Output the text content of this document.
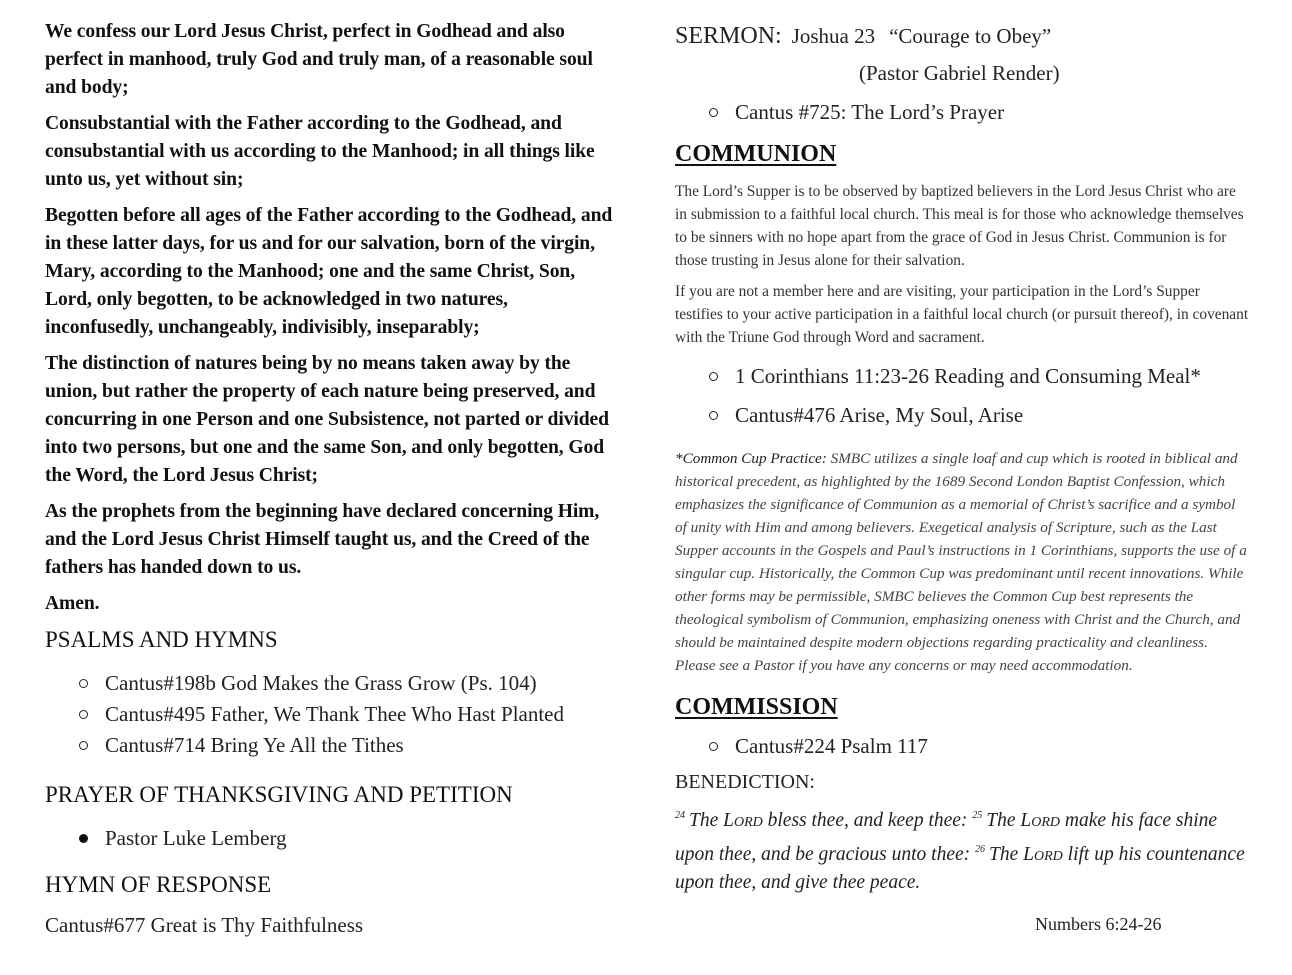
We confess our Lord Jesus Christ, perfect in Godhead and also perfect in manhood, truly God and truly man, of a reasonable soul and body;

Consubstantial with the Father according to the Godhead, and consubstantial with us according to the Manhood; in all things like unto us, yet without sin;

Begotten before all ages of the Father according to the Godhead, and in these latter days, for us and for our salvation, born of the virgin, Mary, according to the Manhood; one and the same Christ, Son, Lord, only begotten, to be acknowledged in two natures, inconfusedly, unchangeably, indivisibly, inseparably;

The distinction of natures being by no means taken away by the union, but rather the property of each nature being preserved, and concurring in one Person and one Subsistence, not parted or divided into two persons, but one and the same Son, and only begotten, God the Word, the Lord Jesus Christ;

As the prophets from the beginning have declared concerning Him, and the Lord Jesus Christ Himself taught us, and the Creed of the fathers has handed down to us.

Amen.

PSALMS AND HYMNS
Cantus#198b God Makes the Grass Grow (Ps. 104)
Cantus#495 Father, We Thank Thee Who Hast Planted
Cantus#714 Bring Ye All the Tithes
PRAYER OF THANKSGIVING AND PETITION
Pastor Luke Lemberg
HYMN OF RESPONSE
Cantus#677 Great is Thy Faithfulness
SERMON: Joshua 23 “Courage to Obey”
(Pastor Gabriel Render)
Cantus #725: The Lord’s Prayer
COMMUNION

The Lord’s Supper is to be observed by baptized believers in the Lord Jesus Christ who are in submission to a faithful local church. This meal is for those who acknowledge themselves to be sinners with no hope apart from the grace of God in Jesus Christ. Communion is for those trusting in Jesus alone for their salvation.

If you are not a member here and are visiting, your participation in the Lord’s Supper testifies to your active participation in a faithful local church (or pursuit thereof), in covenant with the Triune God through Word and sacrament.

1 Corinthians 11:23-26 Reading and Consuming Meal*
Cantus#476 Arise, My Soul, Arise

*Common Cup Practice: SMBC utilizes a single loaf and cup which is rooted in biblical and historical precedent, as highlighted by the 1689 Second London Baptist Confession, which emphasizes the significance of Communion as a memorial of Christ’s sacrifice and a symbol of unity with Him and among believers. Exegetical analysis of Scripture, such as the Last Supper accounts in the Gospels and Paul’s instructions in 1 Corinthians, supports the use of a singular cup. Historically, the Common Cup was predominant until recent innovations. While other forms may be permissible, SMBC believes the Common Cup best represents the theological symbolism of Communion, emphasizing oneness with Christ and the Church, and should be maintained despite modern objections regarding practicality and cleanliness. Please see a Pastor if you have any concerns or may need accommodation.

COMMISSION
Cantus#224 Psalm 117
BENEDICTION:

$^{24}$ The Lord bless thee, and keep thee: $^{25}$ The Lord make his face shine upon thee, and be gracious unto thee: $^{26}$ The Lord lift up his countenance upon thee, and give thee peace.

Numbers 6:24-26
